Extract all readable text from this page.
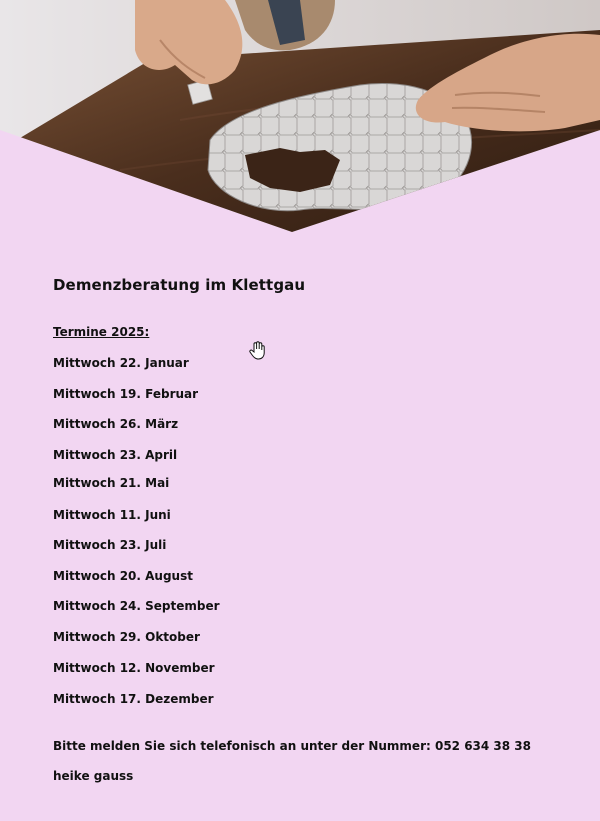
Demenzberatung im Klettgau
Termine 2025:
Mittwoch 22. Januar
Mittwoch 19. Februar
Mittwoch 26. März
Mittwoch 23. April
Mittwoch 21. Mai
Mittwoch 11. Juni
Mittwoch 23. Juli
Mittwoch 20. August
Mittwoch 24. September
Mittwoch 29. Oktober
Mittwoch 12. November
Mittwoch 17. Dezember
Bitte melden Sie sich telefonisch an unter der Nummer: 052 634 38 38
heike gauss
